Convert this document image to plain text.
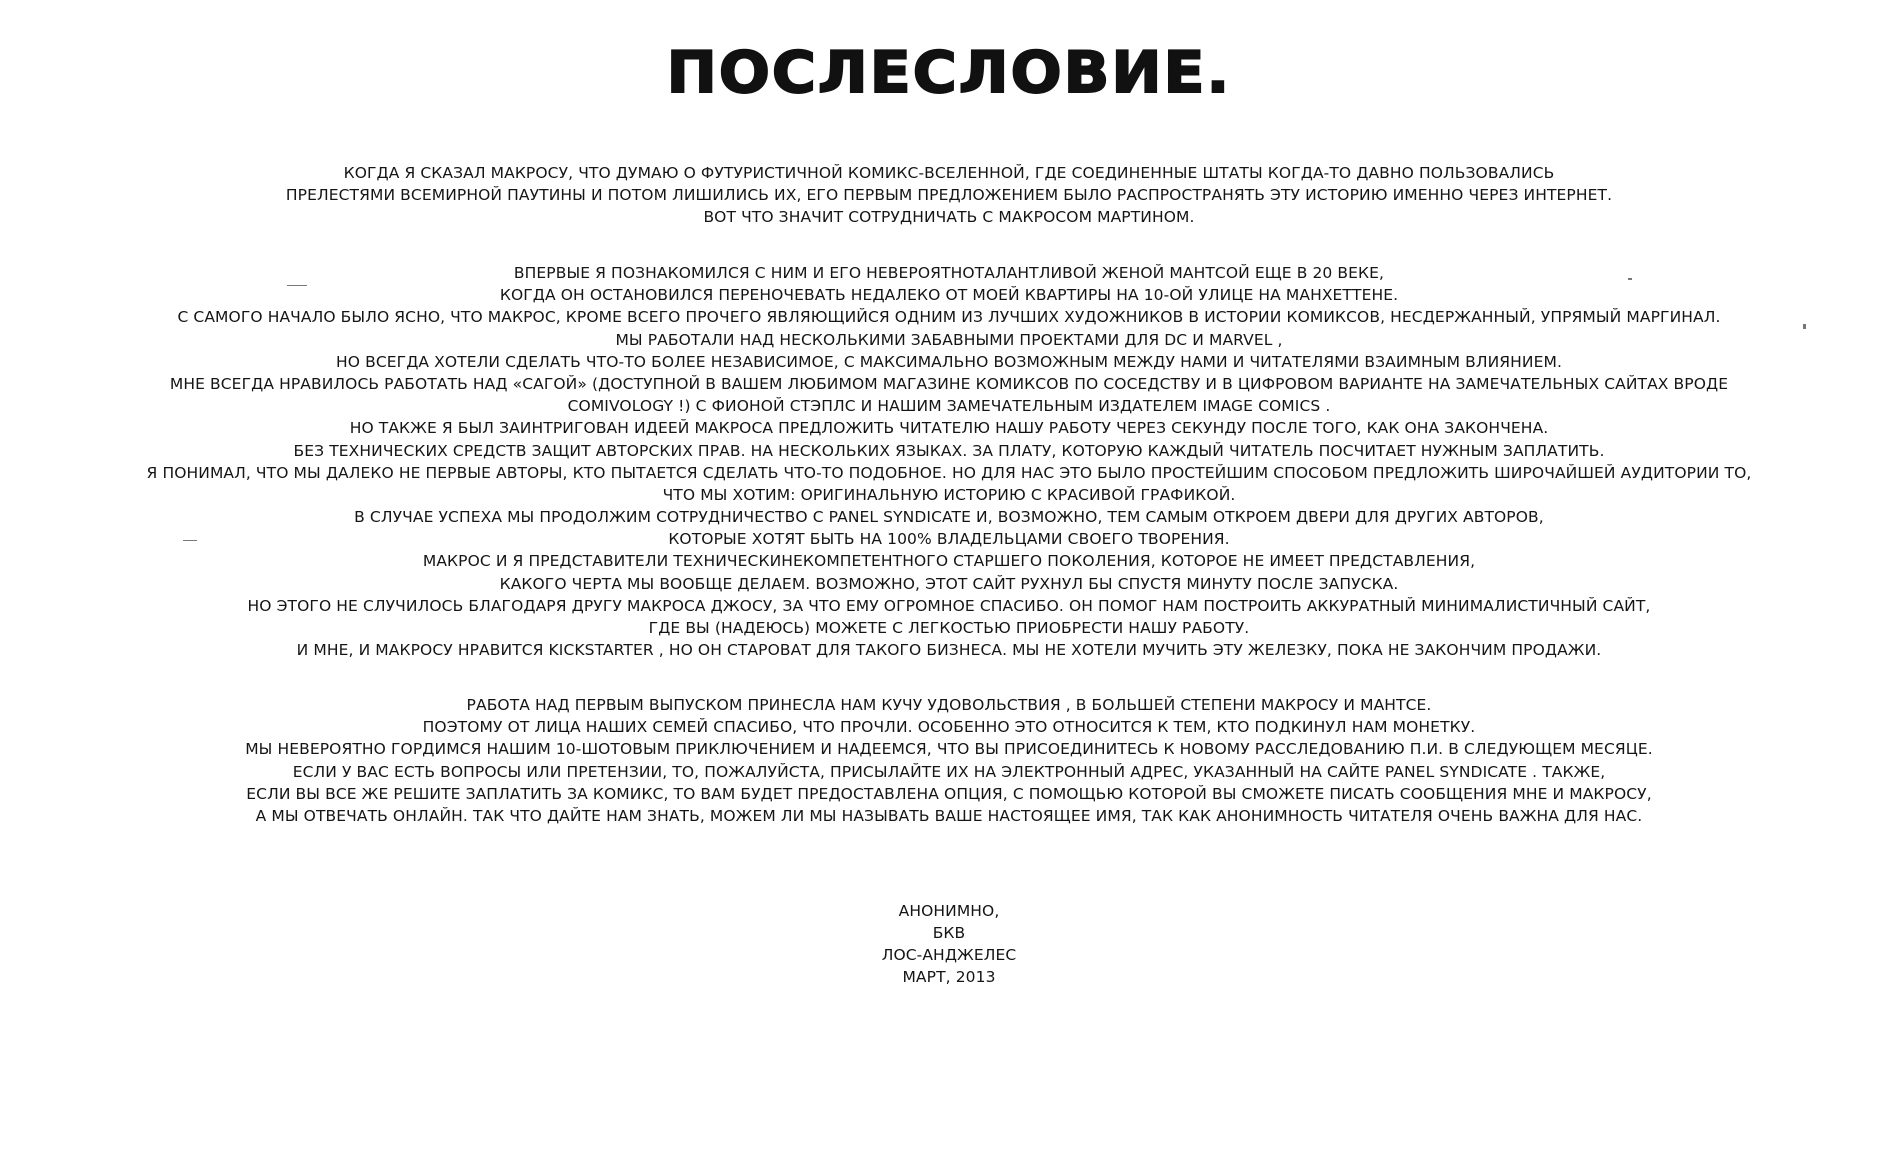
ПОСЛЕСЛОВИЕ.
КОГДА Я СКАЗАЛ МАКРОСУ, ЧТО ДУМАЮ О ФУТУРИСТИЧНОЙ КОМИКС-ВСЕЛЕННОЙ, ГДЕ СОЕДИНЕННЫЕ ШТАТЫ КОГДА-ТО ДАВНО ПОЛЬЗОВАЛИСЬ
ПРЕЛЕСТЯМИ ВСЕМИРНОЙ ПАУТИНЫ И ПОТОМ ЛИШИЛИСЬ ИХ, ЕГО ПЕРВЫМ ПРЕДЛОЖЕНИЕМ БЫЛО РАСПРОСТРАНЯТЬ ЭТУ ИСТОРИЮ ИМЕННО ЧЕРЕЗ ИНТЕРНЕТ.
ВОТ ЧТО ЗНАЧИТ СОТРУДНИЧАТЬ С МАКРОСОМ МАРТИНОМ.
ВПЕРВЫЕ Я ПОЗНАКОМИЛСЯ С НИМ И ЕГО НЕВЕРОЯТНОТАЛАНТЛИВОЙ ЖЕНОЙ МАНТСОЙ ЕЩЕ В 20 ВЕКЕ,
КОГДА ОН ОСТАНОВИЛСЯ ПЕРЕНОЧЕВАТЬ НЕДАЛЕКО ОТ МОЕЙ КВАРТИРЫ НА 10-ОЙ УЛИЦЕ НА МАНХЕТТЕНЕ.
С САМОГО НАЧАЛО БЫЛО ЯСНО, ЧТО МАКРОС, КРОМЕ ВСЕГО ПРОЧЕГО ЯВЛЯЮЩИЙСЯ ОДНИМ ИЗ ЛУЧШИХ ХУДОЖНИКОВ В ИСТОРИИ КОМИКСОВ, НЕСДЕРЖАННЫЙ, УПРЯМЫЙ МАРГИНАЛ.
МЫ РАБОТАЛИ НАД НЕСКОЛЬКИМИ ЗАБАВНЫМИ ПРОЕКТАМИ ДЛЯ DC И MARVEL ,
НО ВСЕГДА ХОТЕЛИ СДЕЛАТЬ ЧТО-ТО БОЛЕЕ НЕЗАВИСИМОЕ, С МАКСИМАЛЬНО ВОЗМОЖНЫМ МЕЖДУ НАМИ И ЧИТАТЕЛЯМИ ВЗАИМНЫМ ВЛИЯНИЕМ.
МНЕ ВСЕГДА НРАВИЛОСЬ РАБОТАТЬ НАД «САГОЙ» (ДОСТУПНОЙ В ВАШЕМ ЛЮБИМОМ МАГАЗИНЕ КОМИКСОВ ПО СОСЕДСТВУ И В ЦИФРОВОМ ВАРИАНТЕ НА ЗАМЕЧАТЕЛЬНЫХ САЙТАХ ВРОДЕ
COMIVOLOGY !) С ФИОНОЙ СТЭПЛС И НАШИМ ЗАМЕЧАТЕЛЬНЫМ ИЗДАТЕЛЕМ IMAGE COMICS .
НО ТАКЖЕ Я БЫЛ ЗАИНТРИГОВАН ИДЕЕЙ МАКРОСА ПРЕДЛОЖИТЬ ЧИТАТЕЛЮ НАШУ РАБОТУ ЧЕРЕЗ СЕКУНДУ ПОСЛЕ ТОГО, КАК ОНА ЗАКОНЧЕНА.
БЕЗ ТЕХНИЧЕСКИХ СРЕДСТВ ЗАЩИТ АВТОРСКИХ ПРАВ. НА НЕСКОЛЬКИХ ЯЗЫКАХ. ЗА ПЛАТУ, КОТОРУЮ КАЖДЫЙ ЧИТАТЕЛЬ ПОСЧИТАЕТ НУЖНЫМ ЗАПЛАТИТЬ.
Я ПОНИМАЛ, ЧТО МЫ ДАЛЕКО НЕ ПЕРВЫЕ АВТОРЫ, КТО ПЫТАЕТСЯ СДЕЛАТЬ ЧТО-ТО ПОДОБНОЕ. НО ДЛЯ НАС ЭТО БЫЛО ПРОСТЕЙШИМ СПОСОБОМ ПРЕДЛОЖИТЬ ШИРОЧАЙШЕЙ АУДИТОРИИ ТО,
ЧТО МЫ ХОТИМ: ОРИГИНАЛЬНУЮ ИСТОРИЮ С КРАСИВОЙ ГРАФИКОЙ.
В СЛУЧАЕ УСПЕХА МЫ ПРОДОЛЖИМ СОТРУДНИЧЕСТВО С PANEL SYNDICATE И, ВОЗМОЖНО, ТЕМ САМЫМ ОТКРОЕМ ДВЕРИ ДЛЯ ДРУГИХ АВТОРОВ,
КОТОРЫЕ ХОТЯТ БЫТЬ НА 100% ВЛАДЕЛЬЦАМИ СВОЕГО ТВОРЕНИЯ.
МАКРОС И Я ПРЕДСТАВИТЕЛИ ТЕХНИЧЕСКИНЕКОМПЕТЕНТНОГО СТАРШЕГО ПОКОЛЕНИЯ, КОТОРОЕ НЕ ИМЕЕТ ПРЕДСТАВЛЕНИЯ,
КАКОГО ЧЕРТА МЫ ВООБЩЕ ДЕЛАЕМ. ВОЗМОЖНО, ЭТОТ САЙТ РУХНУЛ БЫ СПУСТЯ МИНУТУ ПОСЛЕ ЗАПУСКА.
НО ЭТОГО НЕ СЛУЧИЛОСЬ БЛАГОДАРЯ ДРУГУ МАКРОСА ДЖОСУ, ЗА ЧТО ЕМУ ОГРОМНОЕ СПАСИБО. ОН ПОМОГ НАМ ПОСТРОИТЬ АККУРАТНЫЙ МИНИМАЛИСТИЧНЫЙ САЙТ,
ГДЕ ВЫ (НАДЕЮСЬ) МОЖЕТЕ С ЛЕГКОСТЬЮ ПРИОБРЕСТИ НАШУ РАБОТУ.
И МНЕ, И МАКРОСУ НРАВИТСЯ KICKSTARTER , НО ОН СТАРОВАТ ДЛЯ ТАКОГО БИЗНЕСА. МЫ НЕ ХОТЕЛИ МУЧИТЬ ЭТУ ЖЕЛЕЗКУ, ПОКА НЕ ЗАКОНЧИМ ПРОДАЖИ.
РАБОТА НАД ПЕРВЫМ ВЫПУСКОМ ПРИНЕСЛА НАМ КУЧУ УДОВОЛЬСТВИЯ , В БОЛЬШЕЙ СТЕПЕНИ МАКРОСУ И МАНТСЕ.
ПОЭТОМУ ОТ ЛИЦА НАШИХ СЕМЕЙ СПАСИБО, ЧТО ПРОЧЛИ. ОСОБЕННО ЭТО ОТНОСИТСЯ К ТЕМ, КТО ПОДКИНУЛ НАМ МОНЕТКУ.
МЫ НЕВЕРОЯТНО ГОРДИМСЯ НАШИМ 10-ШОТОВЫМ ПРИКЛЮЧЕНИЕМ И НАДЕЕМСЯ, ЧТО ВЫ ПРИСОЕДИНИТЕСЬ К НОВОМУ РАССЛЕДОВАНИЮ П.И. В СЛЕДУЮЩЕМ МЕСЯЦЕ.
ЕСЛИ У ВАС ЕСТЬ ВОПРОСЫ ИЛИ ПРЕТЕНЗИИ, ТО, ПОЖАЛУЙСТА, ПРИСЫЛАЙТЕ ИХ НА ЭЛЕКТРОННЫЙ АДРЕС, УКАЗАННЫЙ НА САЙТЕ PANEL SYNDICATE . ТАКЖЕ,
ЕСЛИ ВЫ ВСЕ ЖЕ РЕШИТЕ ЗАПЛАТИТЬ ЗА КОМИКС, ТО ВАМ БУДЕТ ПРЕДОСТАВЛЕНА ОПЦИЯ, С ПОМОЩЬЮ КОТОРОЙ ВЫ СМОЖЕТЕ ПИСАТЬ СООБЩЕНИЯ МНЕ И МАКРОСУ,
А МЫ ОТВЕЧАТЬ ОНЛАЙН. ТАК ЧТО ДАЙТЕ НАМ ЗНАТЬ, МОЖЕМ ЛИ МЫ НАЗЫВАТЬ ВАШЕ НАСТОЯЩЕЕ ИМЯ, ТАК КАК АНОНИМНОСТЬ ЧИТАТЕЛЯ ОЧЕНЬ ВАЖНА ДЛЯ НАС.
АНОНИМНО,
БКВ
ЛОС-АНДЖЕЛЕС
МАРТ, 2013
